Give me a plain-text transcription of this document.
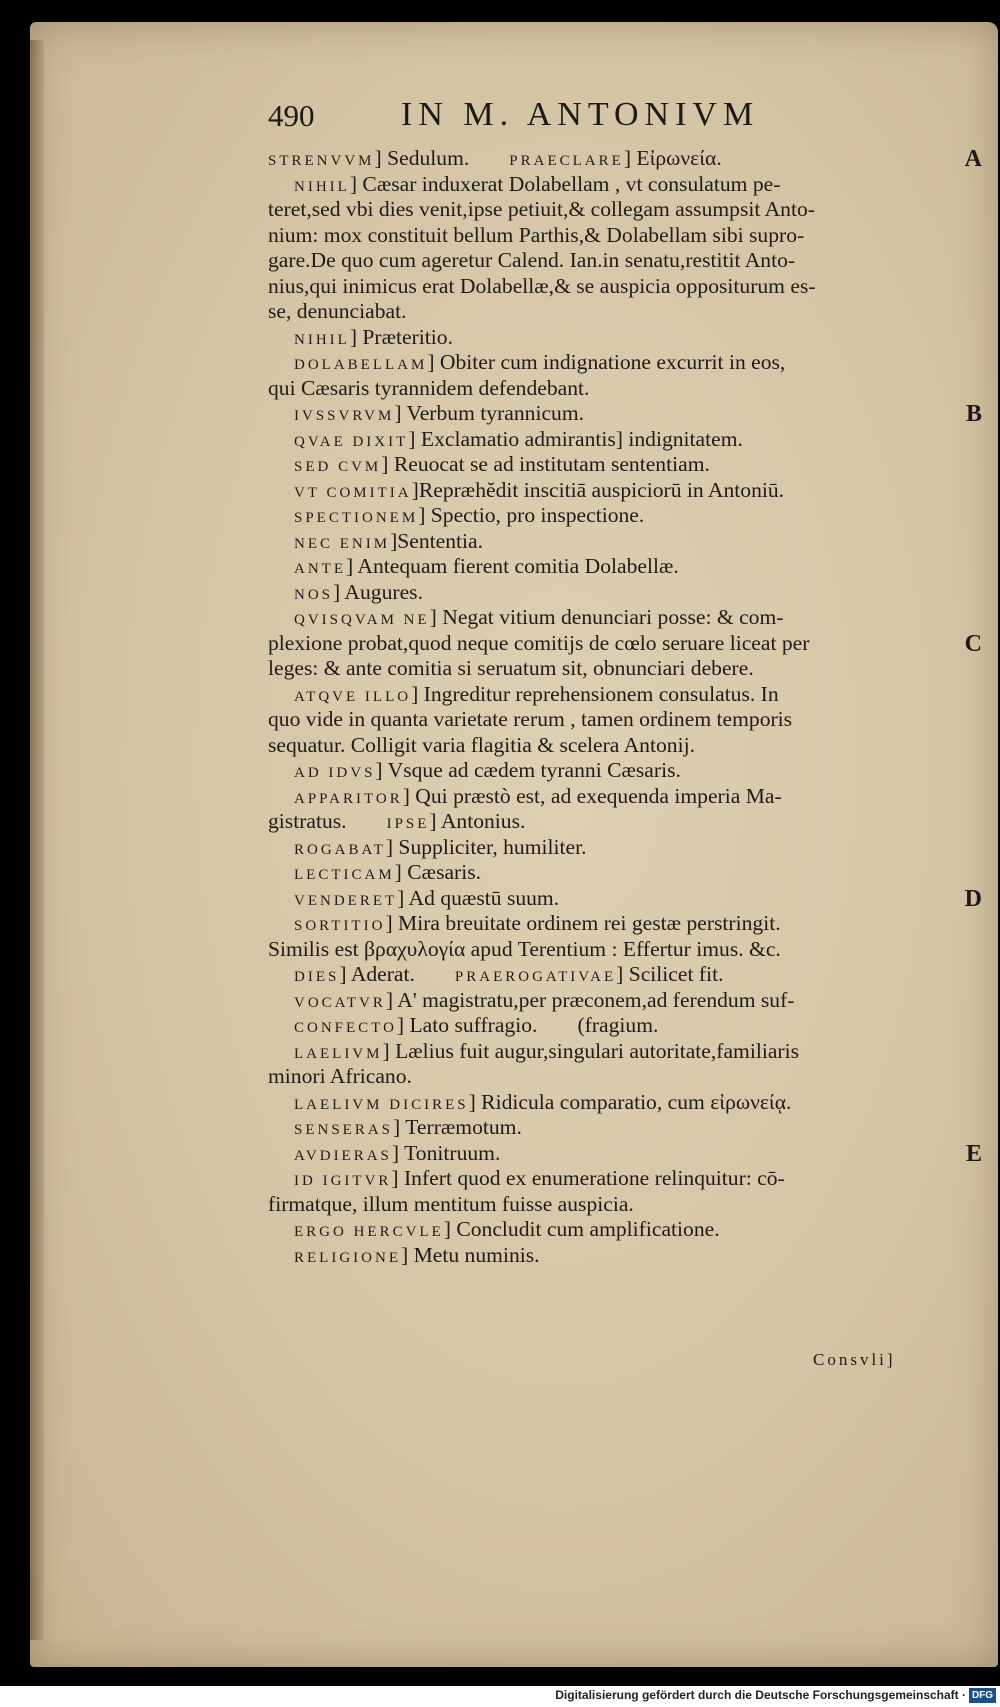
490	IN M. ANTONIVM
STRENVVM] Sedulum.	PRAECLARE] Εἰρωνεία.
NIHIL] Cæsar induxerat Dolabellam , vt consulatum pe-
teret,sed vbi dies venit,ipse petiuit,& collegam assumpsit Anto-
nium: mox constituit bellum Parthis,& Dolabellam sibi supro-
gare.De quo cum ageretur Calend. Ian.in senatu,restitit Anto-
nius,qui inimicus erat Dolabellæ,& se auspicia oppositurum es-
se, denunciabat.
NIHIL] Præteritio.
DOLABELLAM] Obiter cum indignatione excurrit in eos,
qui Cæsaris tyrannidem defendebant.
IVSSVRVM] Verbum tyrannicum.
QVAE DIXIT] Exclamatio admirantis] indignitatem.
SED CVM] Reuocat se ad institutam sententiam.
VT COMITIA]Reprӕhĕdit inscitiā auspiciorū in Antoniū.
SPECTIONEM] Spectio, pro inspectione.
NEC ENIM]Sententia.
ANTE] Antequam fierent comitia Dolabellæ.
NOS] Augures.
QVISQVAM NE] Negat vitium denunciari posse: & com-
plexione probat,quod neque comitijs de cœlo seruare liceat per
leges: & ante comitia si seruatum sit, obnunciari debere.
ATQVE ILLO] Ingreditur reprehensionem consulatus. In
quo vide in quanta varietate rerum , tamen ordinem temporis
sequatur. Colligit varia flagitia & scelera Antonij.
AD IDVS] Vsque ad cædem tyranni Cæsaris.
APPARITOR] Qui præstò est, ad exequenda imperia Ma-
gistratus.	IPSE] Antonius.
ROGABAT] Suppliciter, humiliter.
LECTICAM] Cæsaris.
VENDERET] Ad quæstū suum.
SORTITIO] Mira breuitate ordinem rei gestæ perstringit.
Similis est βραχυλογία apud Terentium : Effertur imus. &c.
DIES] Aderat.	PRAEROGATIVAE] Scilicet fit.
VOCATVR] A' magistratu,per præconem,ad ferendum suf-
CONFECTO] Lato suffragio. (fragium.
LAELIVM] Lælius fuit augur,singulari autoritate,familiaris
minori Africano.
LAELIVM DICIRES] Ridicula comparatio, cum εἰρωνείᾳ.
SENSERAS] Terræmotum.
AVDIERAS] Tonitruum.
ID IGITVR] Infert quod ex enumeratione relinquitur: cō-
firmatque, illum mentitum fuisse auspicia.
ERGO HERCVLE] Concludit cum amplificatione.
RELIGIONE] Metu numinis.
Consvli]
Digitalisierung gefördert durch die Deutsche Forschungsgemeinschaft · DFG
A
B
C
D
E
